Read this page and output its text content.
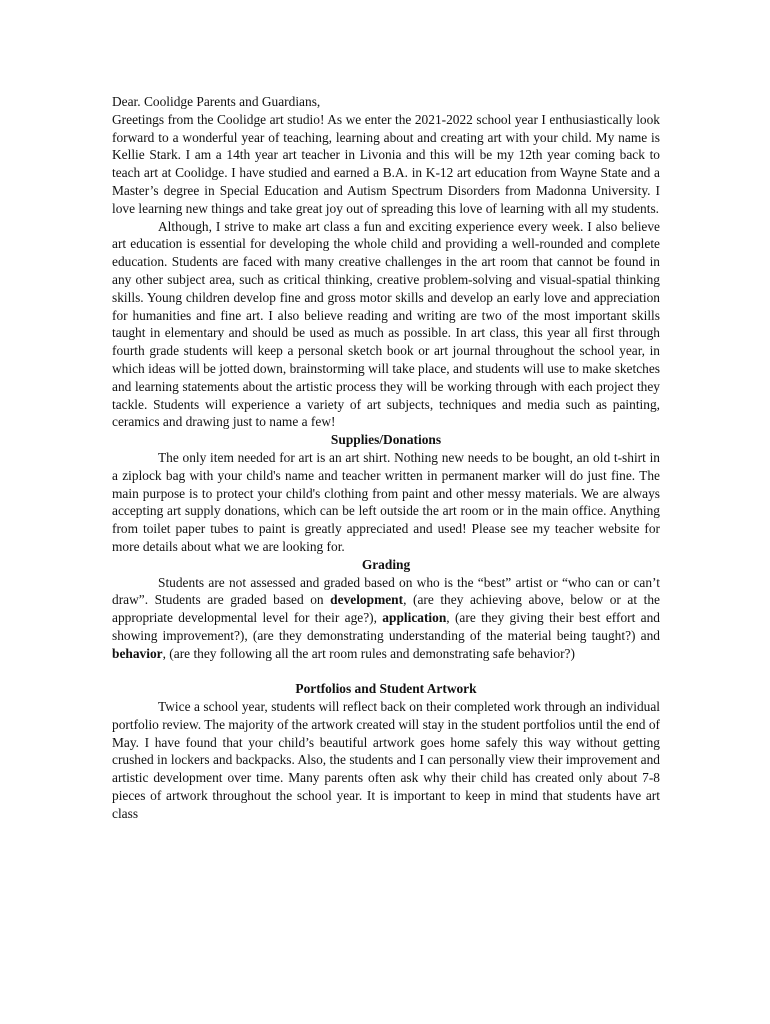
Dear. Coolidge Parents and Guardians,

Greetings from the Coolidge art studio! As we enter the 2021-2022 school year I enthusiastically look forward to a wonderful year of teaching, learning about and creating art with your child. My name is Kellie Stark. I am a 14th year art teacher in Livonia and this will be my 12th year coming back to teach art at Coolidge. I have studied and earned a B.A. in K-12 art education from Wayne State and a Master’s degree in Special Education and Autism Spectrum Disorders from Madonna University. I love learning new things and take great joy out of spreading this love of learning with all my students.

Although, I strive to make art class a fun and exciting experience every week. I also believe art education is essential for developing the whole child and providing a well-rounded and complete education. Students are faced with many creative challenges in the art room that cannot be found in any other subject area, such as critical thinking, creative problem-solving and visual-spatial thinking skills. Young children develop fine and gross motor skills and develop an early love and appreciation for humanities and fine art. I also believe reading and writing are two of the most important skills taught in elementary and should be used as much as possible. In art class, this year all first through fourth grade students will keep a personal sketch book or art journal throughout the school year, in which ideas will be jotted down, brainstorming will take place, and students will use to make sketches and learning statements about the artistic process they will be working through with each project they tackle. Students will experience a variety of art subjects, techniques and media such as painting, ceramics and drawing just to name a few!

Supplies/Donations

The only item needed for art is an art shirt. Nothing new needs to be bought, an old t-shirt in a ziplock bag with your child's name and teacher written in permanent marker will do just fine. The main purpose is to protect your child's clothing from paint and other messy materials. We are always accepting art supply donations, which can be left outside the art room or in the main office. Anything from toilet paper tubes to paint is greatly appreciated and used! Please see my teacher website for more details about what we are looking for.

Grading

Students are not assessed and graded based on who is the “best” artist or “who can or can’t draw”. Students are graded based on development, (are they achieving above, below or at the appropriate developmental level for their age?), application, (are they giving their best effort and showing improvement?), (are they demonstrating understanding of the material being taught?) and behavior, (are they following all the art room rules and demonstrating safe behavior?)

Portfolios and Student Artwork

Twice a school year, students will reflect back on their completed work through an individual portfolio review. The majority of the artwork created will stay in the student portfolios until the end of May. I have found that your child’s beautiful artwork goes home safely this way without getting crushed in lockers and backpacks. Also, the students and I can personally view their improvement and artistic development over time. Many parents often ask why their child has created only about 7-8 pieces of artwork throughout the school year. It is important to keep in mind that students have art class
